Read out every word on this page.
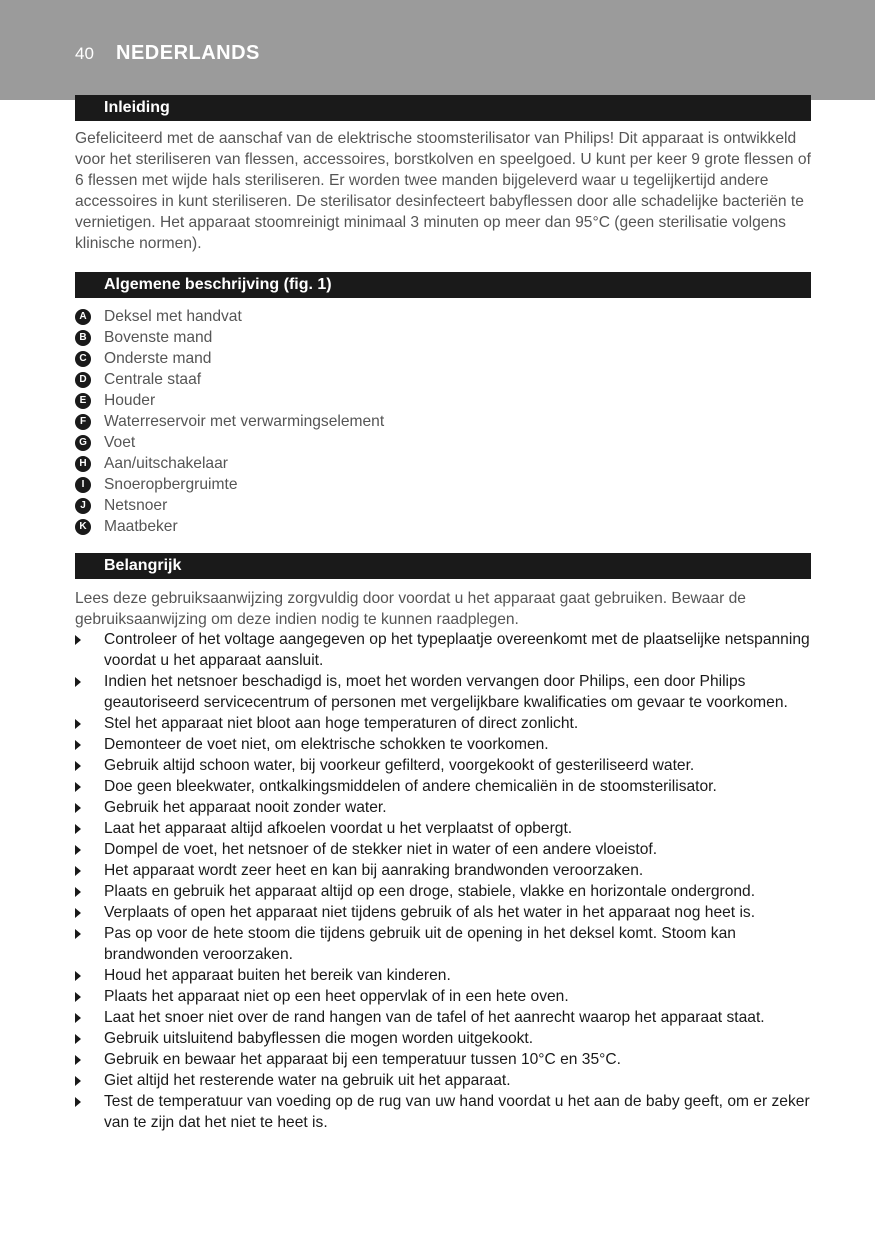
40 NEDERLANDS
Inleiding

Gefeliciteerd met de aanschaf van de elektrische stoomsterilisator van Philips! Dit apparaat is ontwikkeld voor het steriliseren van flessen, accessoires, borstkolven en speelgoed. U kunt per keer 9 grote flessen of 6 flessen met wijde hals steriliseren. Er worden twee manden bijgeleverd waar u tegelijkertijd andere accessoires in kunt steriliseren. De sterilisator desinfecteert babyflessen door alle schadelijke bacteriën te vernietigen. Het apparaat stoomreinigt minimaal 3 minuten op meer dan 95°C (geen sterilisatie volgens klinische normen).

Algemene beschrijving (fig. 1)
A Deksel met handvat
B Bovenste mand
C Onderste mand
D Centrale staaf
E Houder
F	Waterreservoir met verwarmingselement
G Voet
H Aan/uitschakelaar
I	Snoeropbergruimte
J	Netsnoer
K Maatbeker
Belangrijk

Lees deze gebruiksaanwijzing zorgvuldig door voordat u het apparaat gaat gebruiken. Bewaar de gebruiksaanwijzing om deze indien nodig te kunnen raadplegen.

Controleer of het voltage aangegeven op het typeplaatje overeenkomt met de plaatselijke netspanning voordat u het apparaat aansluit.
Indien het netsnoer beschadigd is, moet het worden vervangen door Philips, een door Philips geautoriseerd servicecentrum of personen met vergelijkbare kwalificaties om gevaar te voorkomen.
Stel het apparaat niet bloot aan hoge temperaturen of direct zonlicht.
Demonteer de voet niet, om elektrische schokken te voorkomen.
Gebruik altijd schoon water, bij voorkeur gefilterd, voorgekookt of gesteriliseerd water.
Doe geen bleekwater, ontkalkingsmiddelen of andere chemicaliën in de stoomsterilisator.
Gebruik het apparaat nooit zonder water.
Laat het apparaat altijd afkoelen voordat u het verplaatst of opbergt.
Dompel de voet, het netsnoer of de stekker niet in water of een andere vloeistof.
Het apparaat wordt zeer heet en kan bij aanraking brandwonden veroorzaken.
Plaats en gebruik het apparaat altijd op een droge, stabiele, vlakke en horizontale ondergrond.
Verplaats of open het apparaat niet tijdens gebruik of als het water in het apparaat nog heet is.
Pas op voor de hete stoom die tijdens gebruik uit de opening in het deksel komt. Stoom kan brandwonden veroorzaken.
Houd het apparaat buiten het bereik van kinderen.
Plaats het apparaat niet op een heet oppervlak of in een hete oven.
Laat het snoer niet over de rand hangen van de tafel of het aanrecht waarop het apparaat staat.
Gebruik uitsluitend babyflessen die mogen worden uitgekookt.
Gebruik en bewaar het apparaat bij een temperatuur tussen 10°C en 35°C.
Giet altijd het resterende water na gebruik uit het apparaat.
Test de temperatuur van voeding op de rug van uw hand voordat u het aan de baby geeft, om er zeker van te zijn dat het niet te heet is.
